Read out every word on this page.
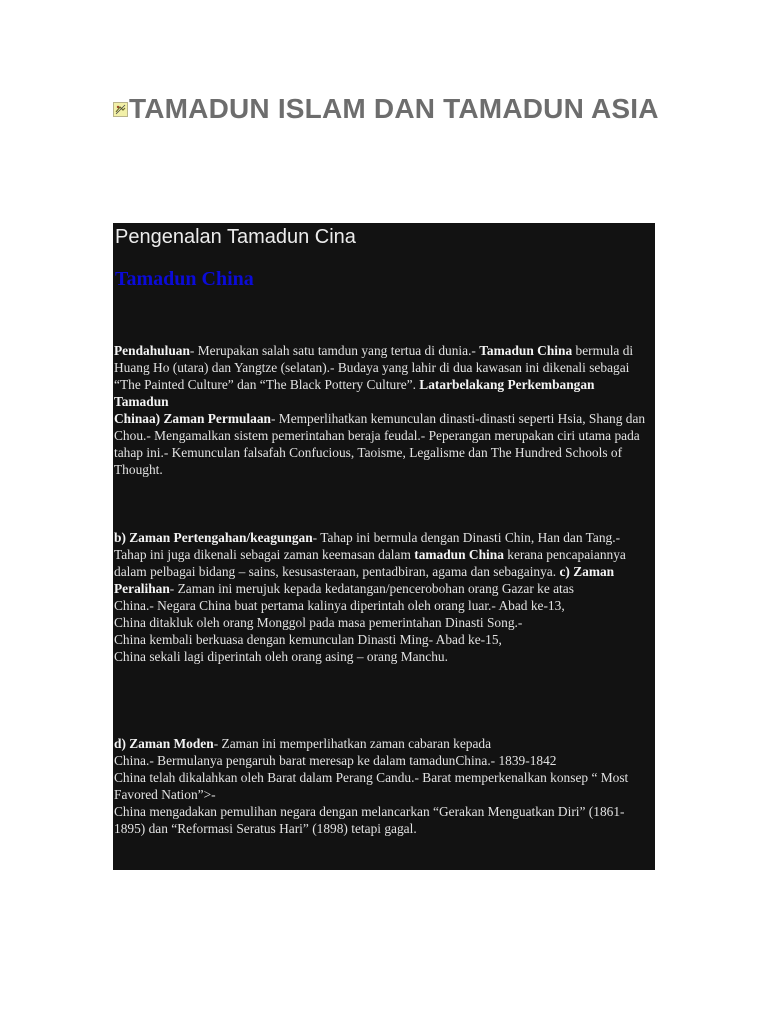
TAMADUN ISLAM DAN TAMADUN ASIA
Pengenalan Tamadun Cina
Tamadun China
Pendahuluan- Merupakan salah satu tamdun yang tertua di dunia.- Tamadun China bermula di Huang Ho (utara) dan Yangtze (selatan).- Budaya yang lahir di dua kawasan ini dikenali sebagai “The Painted Culture” dan “The Black Pottery Culture”. Latarbelakang Perkembangan Tamadun
Chinaa) Zaman Permulaan- Memperlihatkan kemunculan dinasti-dinasti seperti Hsia, Shang dan Chou.- Mengamalkan sistem pemerintahan beraja feudal.- Peperangan merupakan ciri utama pada tahap ini.- Kemunculan falsafah Confucious, Taoisme, Legalisme dan The Hundred Schools of Thought.
b) Zaman Pertengahan/keagungan- Tahap ini bermula dengan Dinasti Chin, Han dan Tang.- Tahap ini juga dikenali sebagai zaman keemasan dalam tamadun China kerana pencapaiannya dalam pelbagai bidang – sains, kesusasteraan, pentadbiran, agama dan sebagainya. c) Zaman Peralihan- Zaman ini merujuk kepada kedatangan/pencerobohan orang Gazar ke atas
China.- Negara China buat pertama kalinya diperintah oleh orang luar.- Abad ke-13,
China ditakluk oleh orang Monggol pada masa pemerintahan Dinasti Song.-
China kembali berkuasa dengan kemunculan Dinasti Ming- Abad ke-15,
China sekali lagi diperintah oleh orang asing – orang Manchu.
d) Zaman Moden- Zaman ini memperlihatkan zaman cabaran kepada
China.- Bermulanya pengaruh barat meresap ke dalam tamadunChina.- 1839-1842
China telah dikalahkan oleh Barat dalam Perang Candu.- Barat memperkenalkan konsep “ Most Favored Nation”>-
China mengadakan pemulihan negara dengan melancarkan “Gerakan Menguatkan Diri” (1861-1895) dan “Reformasi Seratus Hari” (1898) tetapi gagal.
